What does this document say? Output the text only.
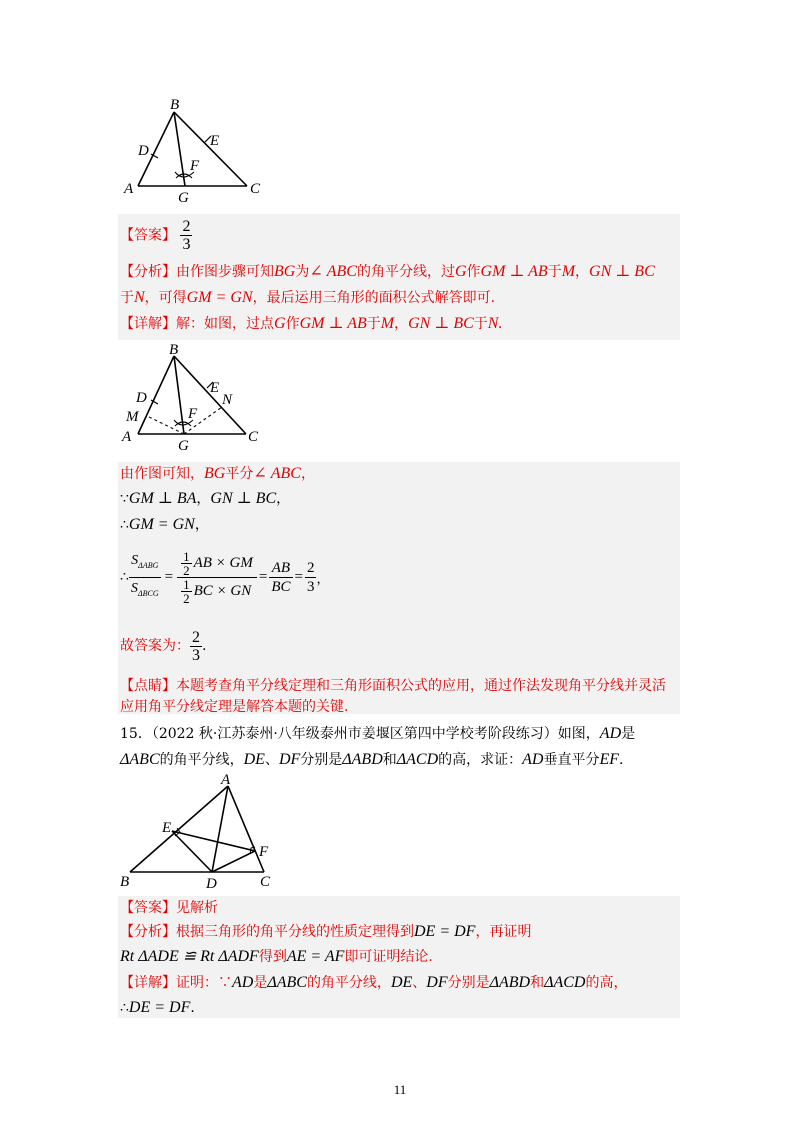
B
D
E
F
A
G
C
【答案】 $\frac{2}{3}$
【分析】由作图步骤可知BG为∠ ABC的角平分线，过G作GM ⊥ AB于M，GN ⊥ BC
于N，可得GM = GN，最后运用三角形的面积公式解答即可.
【详解】解：如图，过点G作GM ⊥ AB于M，GN ⊥ BC于N.
B
D
M
E
N
F
A
G
C
由作图可知，BG平分∠ ABC，
∵GM ⊥ BA，GN ⊥ BC，
∴GM = GN，
∴ $\frac{S_{\Delta ABG}}{S_{\Delta BCG}} = \frac{\frac{1}{2} AB \times GM}{\frac{1}{2} BC \times GN} = \frac{AB}{BC} = \frac{2}{3}$ ，
故答案为： $\frac{2}{3}$ .
【点睛】本题考查角平分线定理和三角形面积公式的应用，通过作法发现角平分线并灵活
应用角平分线定理是解答本题的关键.
15．（2022 秋·江苏泰州·八年级泰州市姜堰区第四中学校考阶段练习）如图，AD是
ΔABC的角平分线，DE、DF分别是ΔABD和ΔACD的高，求证：AD垂直平分EF.
A
E
F
B	D	C
【答案】见解析
【分析】根据三角形的角平分线的性质定理得到DE = DF，再证明
Rt ΔADE ≌ Rt ΔADF得到AE = AF即可证明结论.
【详解】证明：∵AD是ΔABC的角平分线，DE、DF分别是ΔABD和ΔACD的高，
∴DE = DF.
11
